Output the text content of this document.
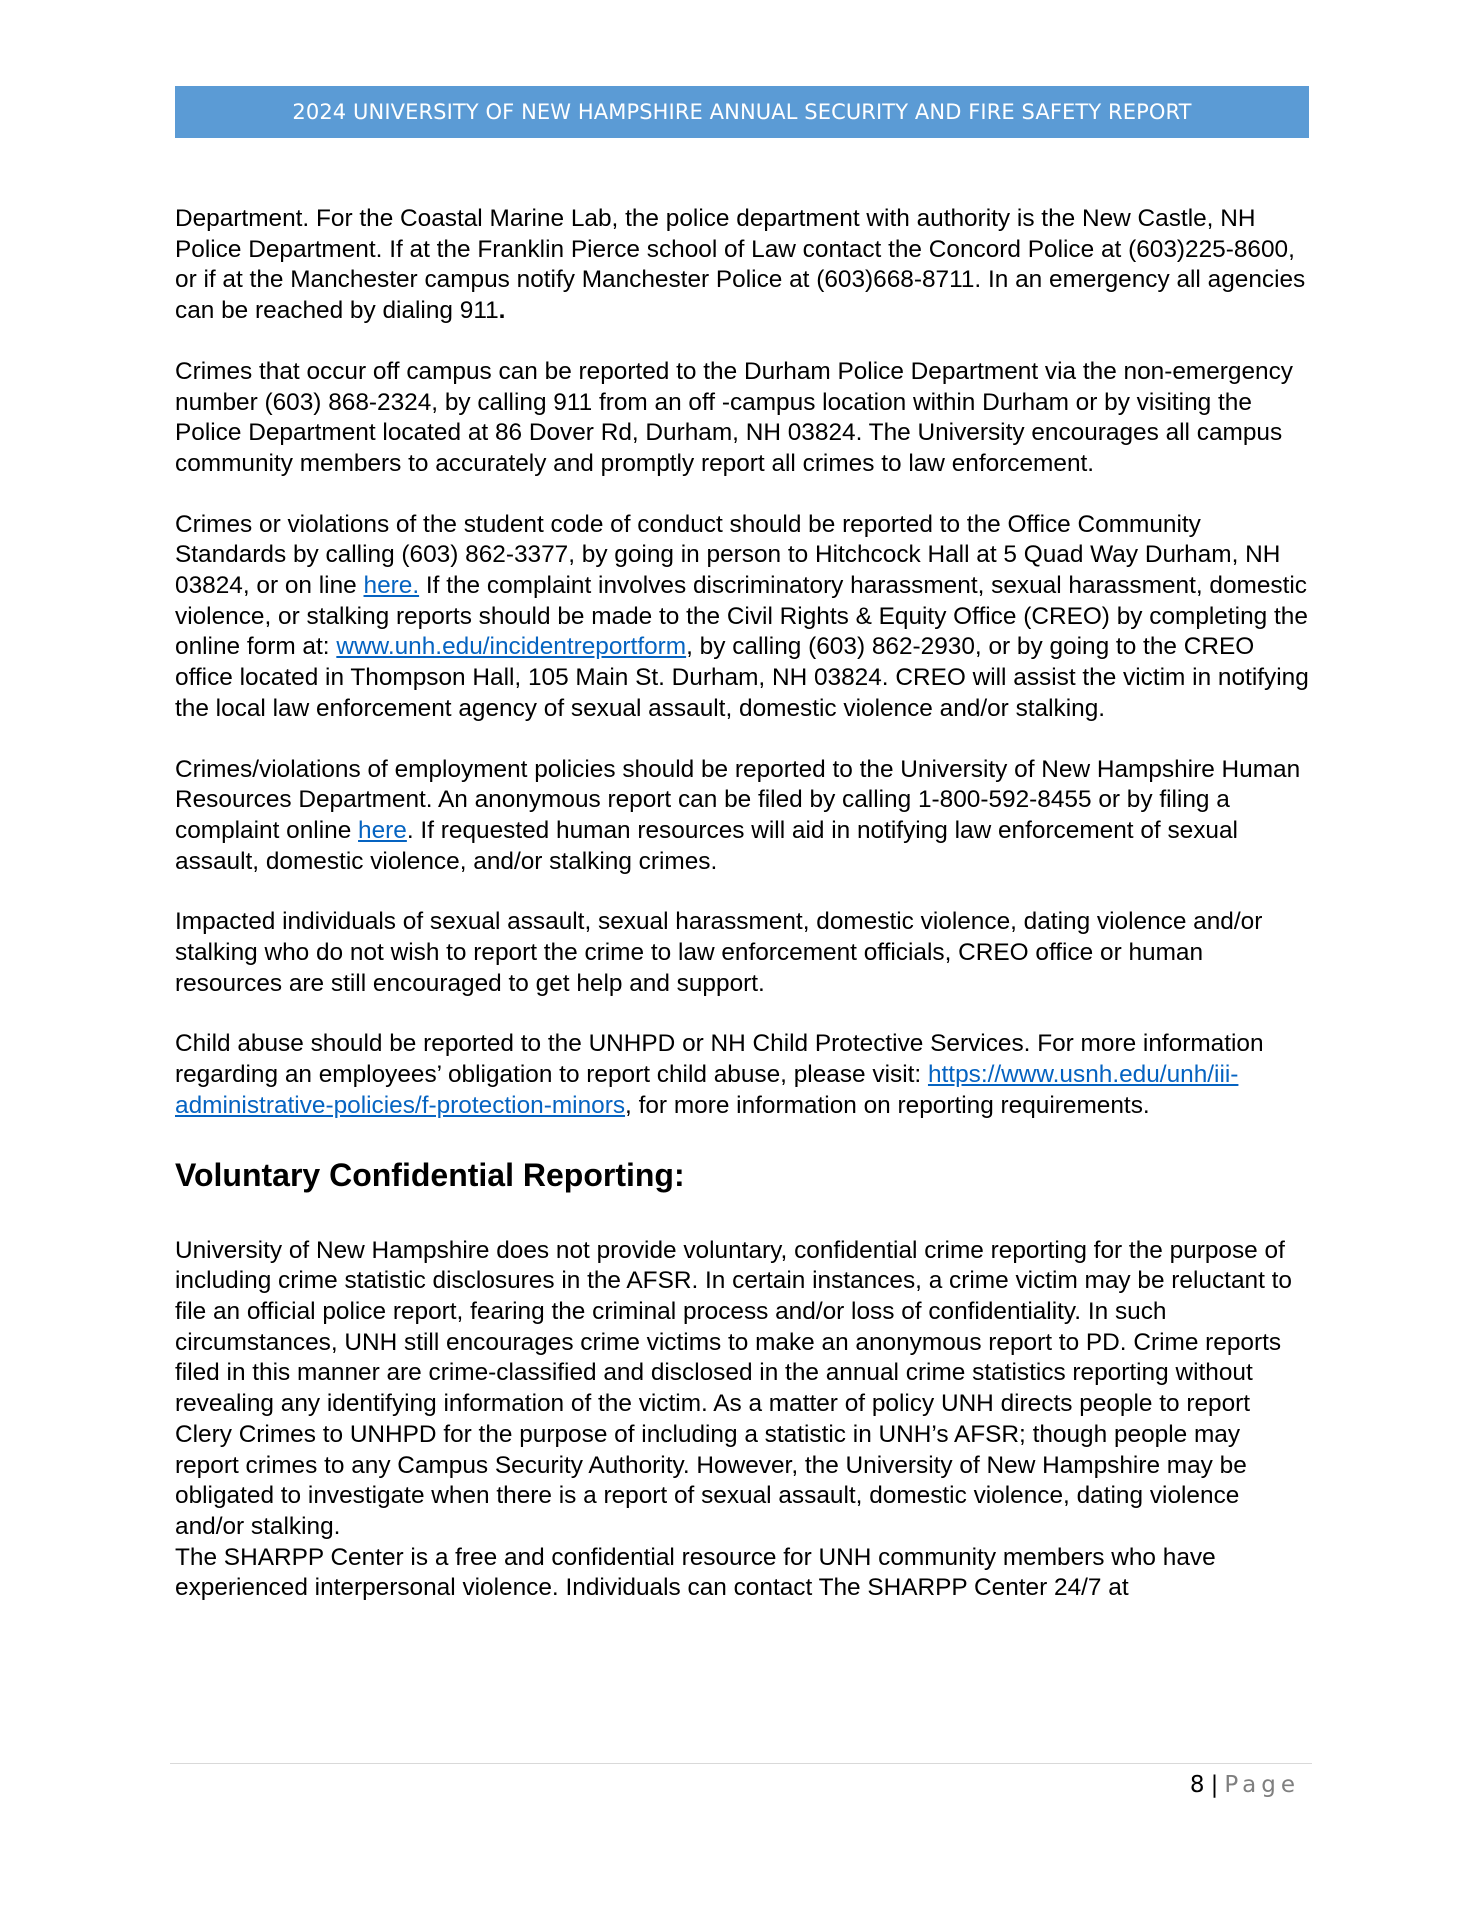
2024 UNIVERSITY OF NEW HAMPSHIRE ANNUAL SECURITY AND FIRE SAFETY REPORT

Department. For the Coastal Marine Lab, the police department with authority is the New Castle, NH Police Department. If at the Franklin Pierce school of Law contact the Concord Police at (603)225-8600, or if at the Manchester campus notify Manchester Police at (603)668-8711. In an emergency all agencies can be reached by dialing 911.

Crimes that occur off campus can be reported to the Durham Police Department via the non-emergency number (603) 868-2324, by calling 911 from an off -campus location within Durham or by visiting the Police Department located at 86 Dover Rd, Durham, NH 03824. The University encourages all campus community members to accurately and promptly report all crimes to law enforcement.

Crimes or violations of the student code of conduct should be reported to the Office Community Standards by calling (603) 862-3377, by going in person to Hitchcock Hall at 5 Quad Way Durham, NH 03824, or on line here. If the complaint involves discriminatory harassment, sexual harassment, domestic violence, or stalking reports should be made to the Civil Rights & Equity Office (CREO) by completing the online form at: www.unh.edu/incidentreportform, by calling (603) 862-2930, or by going to the CREO office located in Thompson Hall, 105 Main St. Durham, NH 03824. CREO will assist the victim in notifying the local law enforcement agency of sexual assault, domestic violence and/or stalking.

Crimes/violations of employment policies should be reported to the University of New Hampshire Human Resources Department. An anonymous report can be filed by calling 1-800-592-8455 or by filing a complaint online here. If requested human resources will aid in notifying law enforcement of sexual assault, domestic violence, and/or stalking crimes.

Impacted individuals of sexual assault, sexual harassment, domestic violence, dating violence and/or stalking who do not wish to report the crime to law enforcement officials, CREO office or human resources are still encouraged to get help and support.

Child abuse should be reported to the UNHPD or NH Child Protective Services. For more information regarding an employees’ obligation to report child abuse, please visit: https://www.usnh.edu/unh/iii-administrative-policies/f-protection-minors, for more information on reporting requirements.

Voluntary Confidential Reporting:

University of New Hampshire does not provide voluntary, confidential crime reporting for the purpose of including crime statistic disclosures in the AFSR. In certain instances, a crime victim may be reluctant to file an official police report, fearing the criminal process and/or loss of confidentiality. In such circumstances, UNH still encourages crime victims to make an anonymous report to PD. Crime reports filed in this manner are crime-classified and disclosed in the annual crime statistics reporting without revealing any identifying information of the victim. As a matter of policy UNH directs people to report Clery Crimes to UNHPD for the purpose of including a statistic in UNH’s AFSR; though people may report crimes to any Campus Security Authority. However, the University of New Hampshire may be obligated to investigate when there is a report of sexual assault, domestic violence, dating violence and/or stalking.

The SHARPP Center is a free and confidential resource for UNH community members who have experienced interpersonal violence. Individuals can contact The SHARPP Center 24/7 at

8 | Page
